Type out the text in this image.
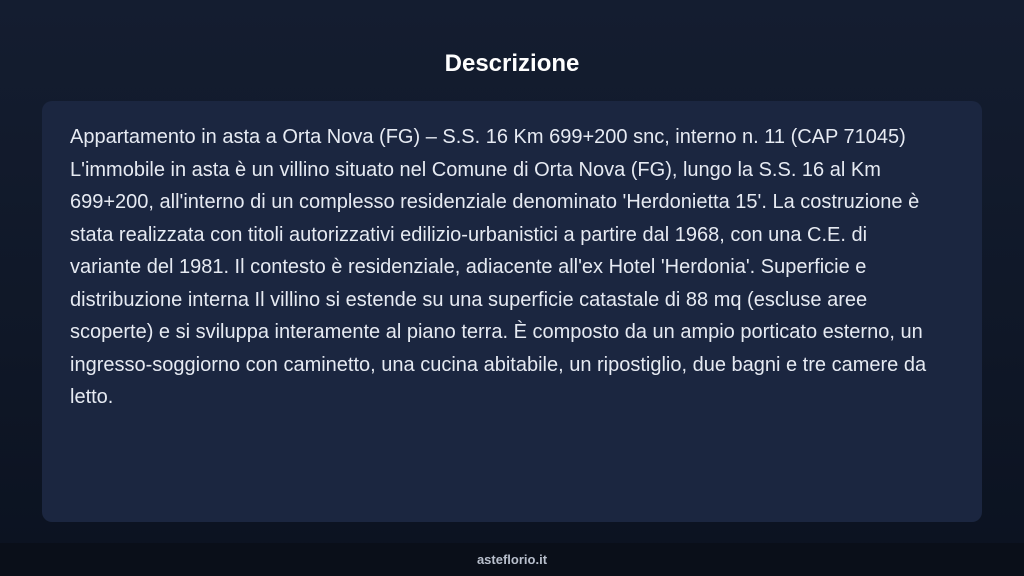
Descrizione

Appartamento in asta a Orta Nova (FG) – S.S. 16 Km 699+200 snc, interno n. 11 (CAP 71045) L'immobile in asta è un villino situato nel Comune di Orta Nova (FG), lungo la S.S. 16 al Km 699+200, all'interno di un complesso residenziale denominato 'Herdonietta 15'. La costruzione è stata realizzata con titoli autorizzativi edilizio-urbanistici a partire dal 1968, con una C.E. di variante del 1981. Il contesto è residenziale, adiacente all'ex Hotel 'Herdonia'. Superficie e distribuzione interna Il villino si estende su una superficie catastale di 88 mq (escluse aree scoperte) e si sviluppa interamente al piano terra. È composto da un ampio porticato esterno, un ingresso-soggiorno con caminetto, una cucina abitabile, un ripostiglio, due bagni e tre camere da letto.

asteflorio.it
